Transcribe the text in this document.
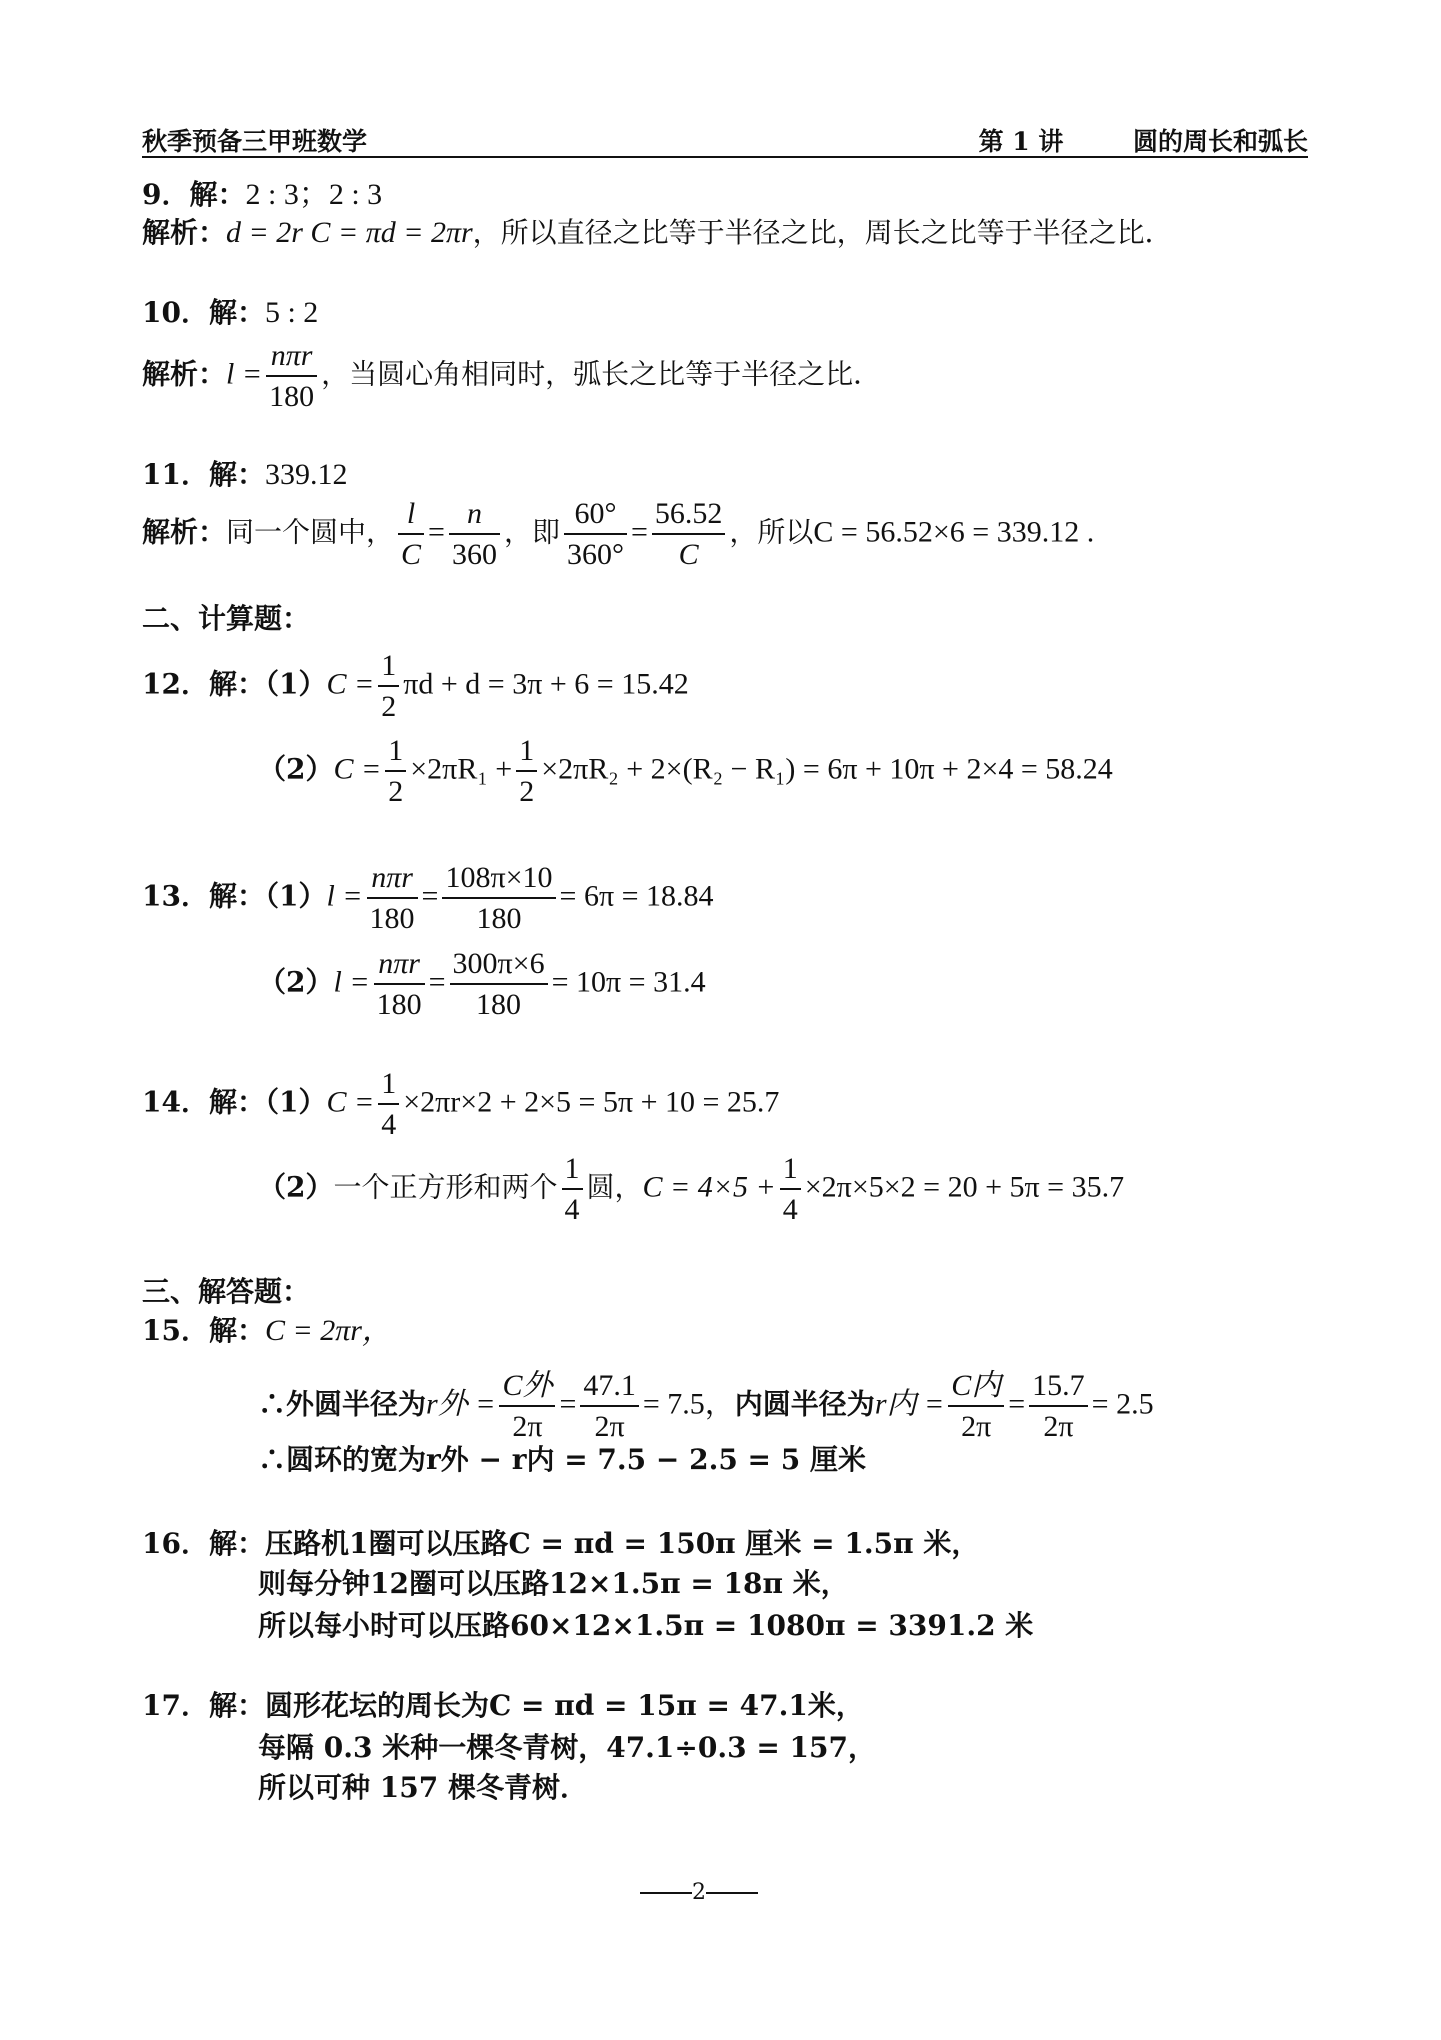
秋季预备三甲班数学	第 1 讲        圆的周长和弧长
9．解：2 : 3；2 : 3
解析：d = 2r C = πd = 2πr，所以直径之比等于半径之比，周长之比等于半径之比．
10．解：5 : 2
解析：$l = \frac{\text{nπr}}{180}$ ，当圆心角相同时，弧长之比等于半径之比．
11．解：339.12
解析：同一个圆中， $\frac{l}{C} = \frac{n}{360}$ ，即 $\frac{60^\circ}{360^\circ} = \frac{56.52}{C}$ ，所以C = 56.52×6 = 339.12 .
二、计算题：
12．解：$(1)C = \frac{1}{2}$ πd + d = 3π + 6 = 15.42
$(2)C = \frac{1}{2} \times 2\pi R_1 + \frac{1}{2} \times 2\pi R_2 + 2\times(R_2 - R_1) = 6\pi + 10\pi + 2\times 4 = 58.24$
13．解：$(1)l = \frac{\text{nπr}}{180} = \frac{108\pi\times 10}{180} = 6\pi = 18.84$
$(2)l = \frac{\text{nπr}}{180} = \frac{300\pi\times 6}{180} = 10\pi = 31.4$
14．解：$(1)C = \frac{1}{4} \times 2\pi r\times 2 + 2\times 5 = 5\pi + 10 = 25.7$
（2）一个正方形和两个 $\frac{1}{4}$ 圆，$C = 4\times 5 + \frac{1}{4} \times 2\pi\times 5\times 2 = 20 + 5\pi = 35.7$
三、解答题：
15．解：C = 2πr，
∴外圆半径为r外 = $\frac{\text{C外}}{2\pi} = \frac{47.1}{2\pi} = 7.5$，内圆半径为r内 = $\frac{\text{C内}}{2\pi} = \frac{15.7}{2\pi} = 2.5$
∴圆环的宽为r外 − r内 = 7.5 − 2.5 = 5 厘米
16．解：压路机1圈可以压路C = πd = 150π 厘米 = 1.5π 米，
则每分钟12圈可以压路12×1.5π = 18π 米，
所以每小时可以压路60×12×1.5π = 1080π = 3391.2 米
17．解：圆形花坛的周长为C = πd = 15π = 47.1米，
每隔 0.3 米种一棵冬青树，47.1÷0.3 = 157，
所以可种 157 棵冬青树．
2
